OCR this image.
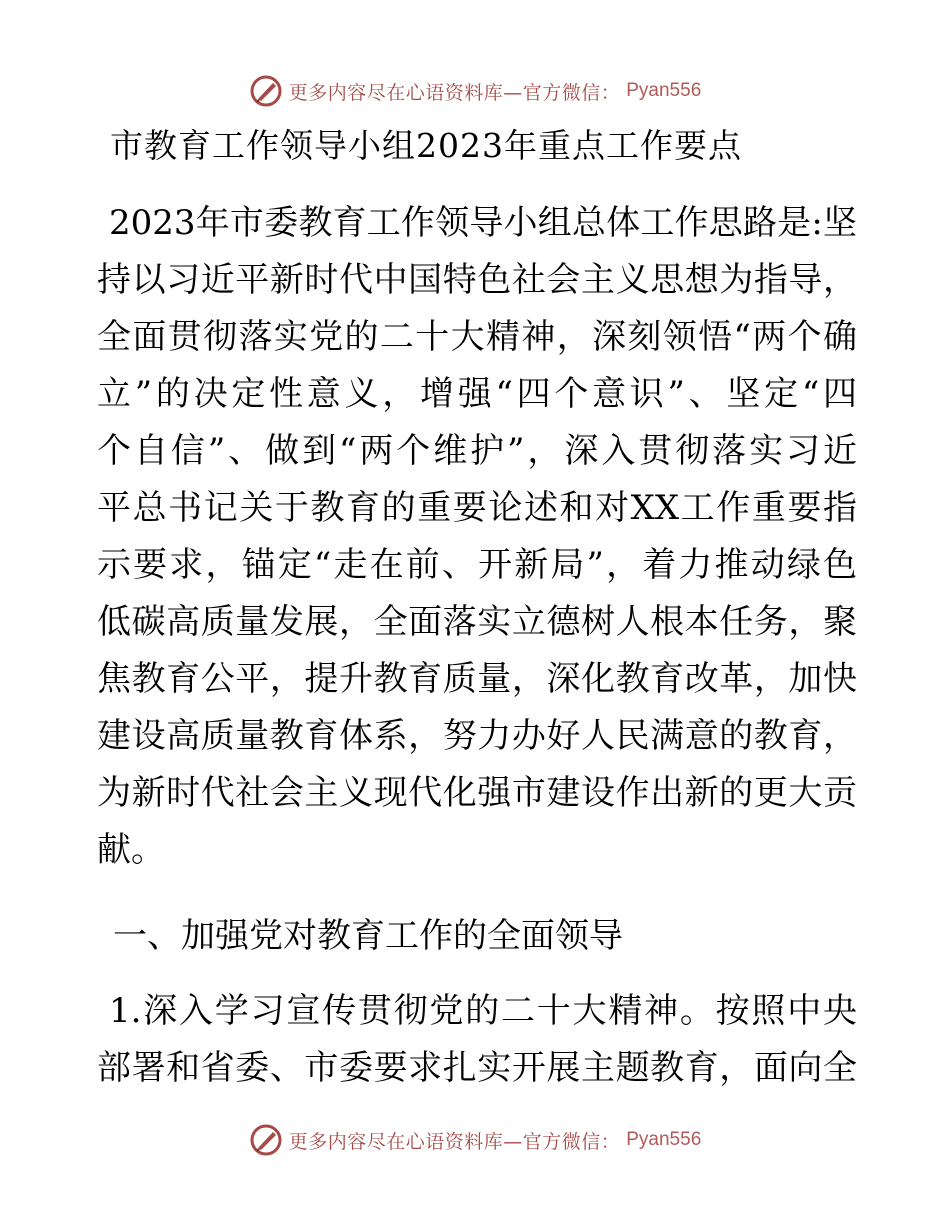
更多内容尽在心语资料库—官方微信： Pyan556
市教育工作领导小组2023年重点工作要点
2023年市委教育工作领导小组总体工作思路是:坚
持以习近平新时代中国特色社会主义思想为指导，
全面贯彻落实党的二十大精神，深刻领悟“两个确
立”的决定性意义，增强“四个意识”、坚定“四
个自信”、做到“两个维护”，深入贯彻落实习近
平总书记关于教育的重要论述和对XX工作重要指
示要求，锚定“走在前、开新局”，着力推动绿色
低碳高质量发展，全面落实立德树人根本任务，聚
焦教育公平，提升教育质量，深化教育改革，加快
建设高质量教育体系，努力办好人民满意的教育，
为新时代社会主义现代化强市建设作出新的更大贡
献。
1.深入学习宣传贯彻党的二十大精神。按照中央
部署和省委、市委要求扎实开展主题教育，面向全
一、加强党对教育工作的全面领导
更多内容尽在心语资料库—官方微信： Pyan556
